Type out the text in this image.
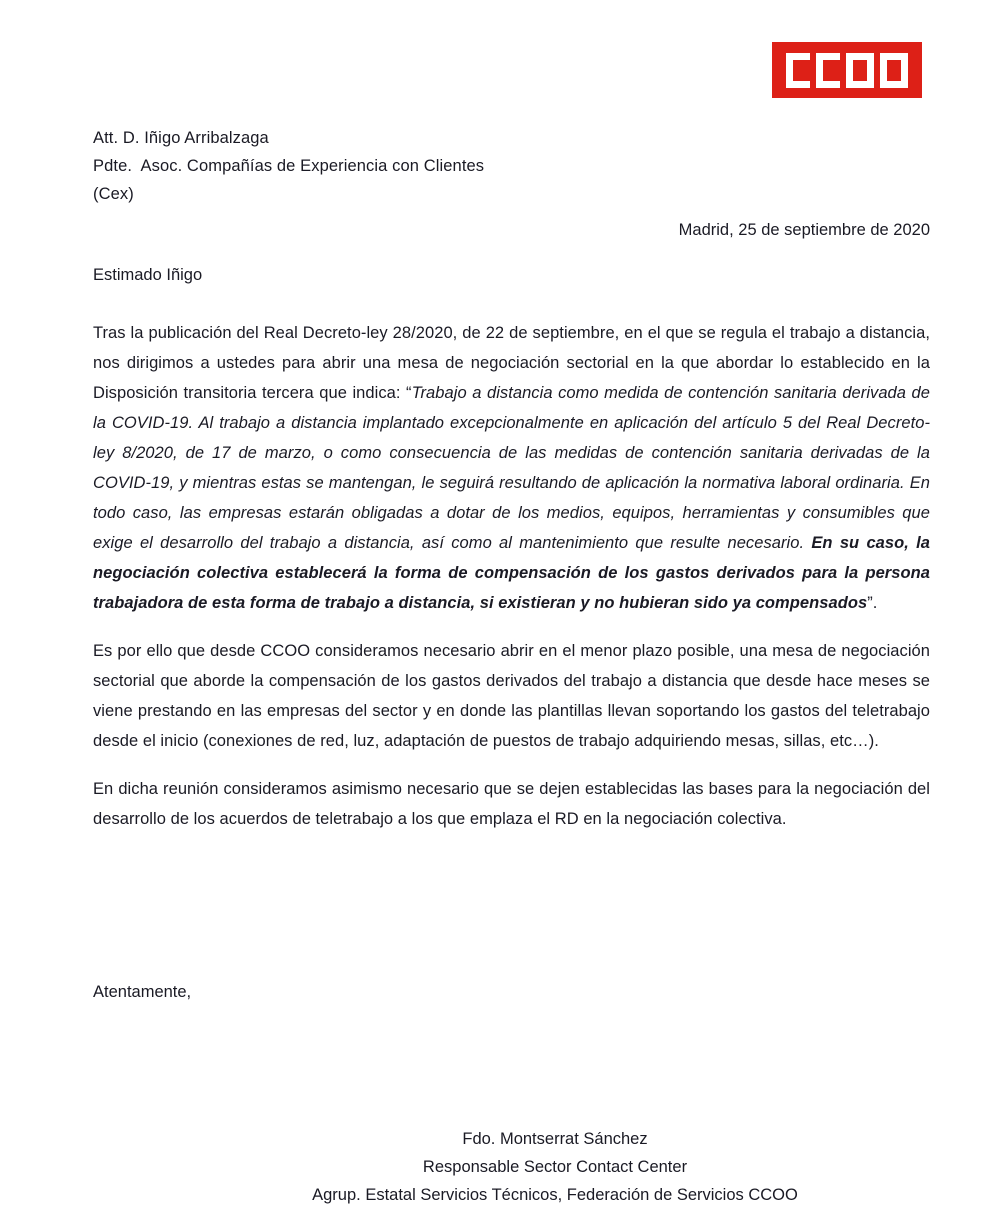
Att. D. Iñigo Arribalzaga
Pdte.  Asoc. Compañías de Experiencia con Clientes
(Cex)
Madrid, 25 de septiembre de 2020
Estimado Iñigo

Tras la publicación del Real Decreto-ley 28/2020, de 22 de septiembre, en el que se regula el trabajo a distancia, nos dirigimos a ustedes para abrir una mesa de negociación sectorial en la que abordar lo establecido en la Disposición transitoria tercera que indica: “Trabajo a distancia como medida de contención sanitaria derivada de la COVID-19. Al trabajo a distancia implantado excepcionalmente en aplicación del artículo 5 del Real Decreto-ley 8/2020, de 17 de marzo, o como consecuencia de las medidas de contención sanitaria derivadas de la COVID-19, y mientras estas se mantengan, le seguirá resultando de aplicación la normativa laboral ordinaria. En todo caso, las empresas estarán obligadas a dotar de los medios, equipos, herramientas y consumibles que exige el desarrollo del trabajo a distancia, así como al mantenimiento que resulte necesario. En su caso, la negociación colectiva establecerá la forma de compensación de los gastos derivados para la persona trabajadora de esta forma de trabajo a distancia, si existieran y no hubieran sido ya compensados”.

Es por ello que desde CCOO consideramos necesario abrir en el menor plazo posible, una mesa de negociación sectorial que aborde la compensación de los gastos derivados del trabajo a distancia que desde hace meses se viene prestando en las empresas del sector y en donde las plantillas llevan soportando los gastos del teletrabajo desde el inicio (conexiones de red, luz, adaptación de puestos de trabajo adquiriendo mesas, sillas, etc…).

En dicha reunión consideramos asimismo necesario que se dejen establecidas las bases para la negociación del desarrollo de los acuerdos de teletrabajo a los que emplaza el RD en la negociación colectiva.

Atentamente,
Fdo. Montserrat Sánchez
Responsable Sector Contact Center
Agrup. Estatal Servicios Técnicos, Federación de Servicios CCOO
